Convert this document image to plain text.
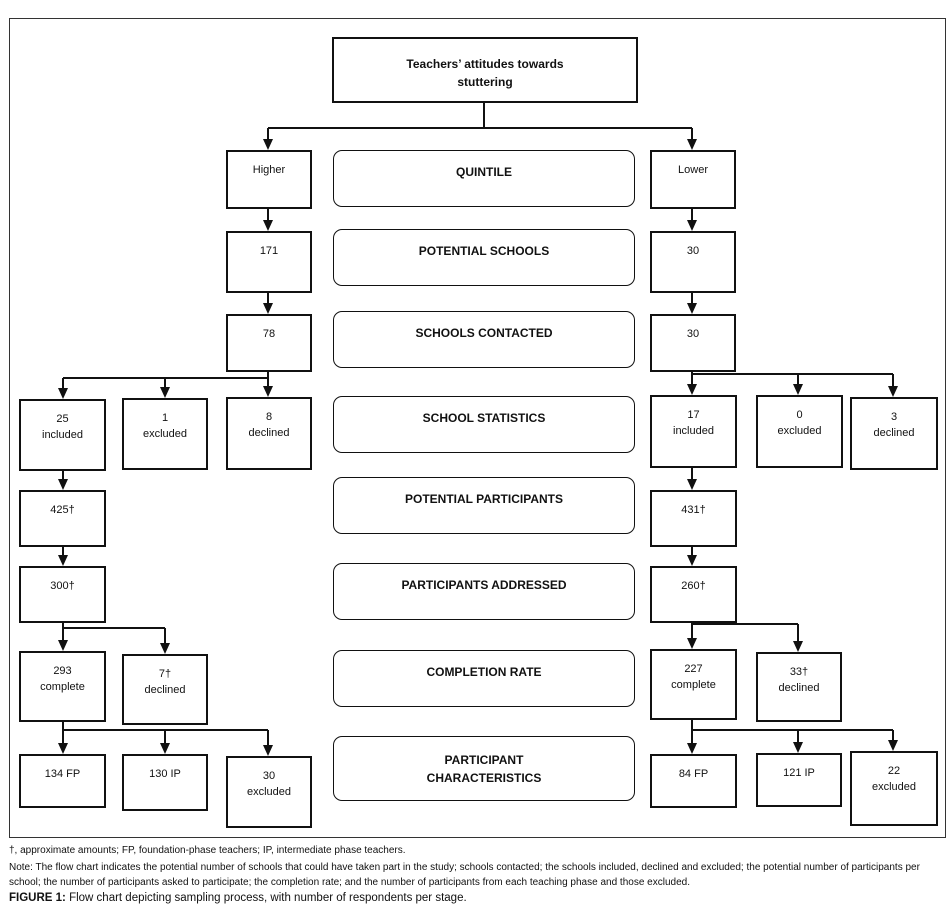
Teachers’ attitudes towards
stuttering
QUINTILE
POTENTIAL SCHOOLS
SCHOOLS CONTACTED
SCHOOL STATISTICS
POTENTIAL PARTICIPANTS
PARTICIPANTS ADDRESSED
COMPLETION RATE
PARTICIPANT
CHARACTERISTICS
Higher
171
78
Lower
30
30
25
included
1
excluded
8
declined
17
included
0
excluded
3
declined
425†
300†
431†
260†
293
complete
7†
declined
227
complete
33†
declined
134 FP	130 IP	30
excluded
84 FP	121 IP	22
excluded
†, approximate amounts; FP, foundation-phase teachers; IP, intermediate phase teachers.
Note: The flow chart indicates the potential number of schools that could have taken part in the study; schools contacted; the schools included, declined and excluded; the potential number of participants per school; the number of participants asked to participate; the completion rate; and the number of participants from each teaching phase and those excluded.
FIGURE 1: Flow chart depicting sampling process, with number of respondents per stage.
